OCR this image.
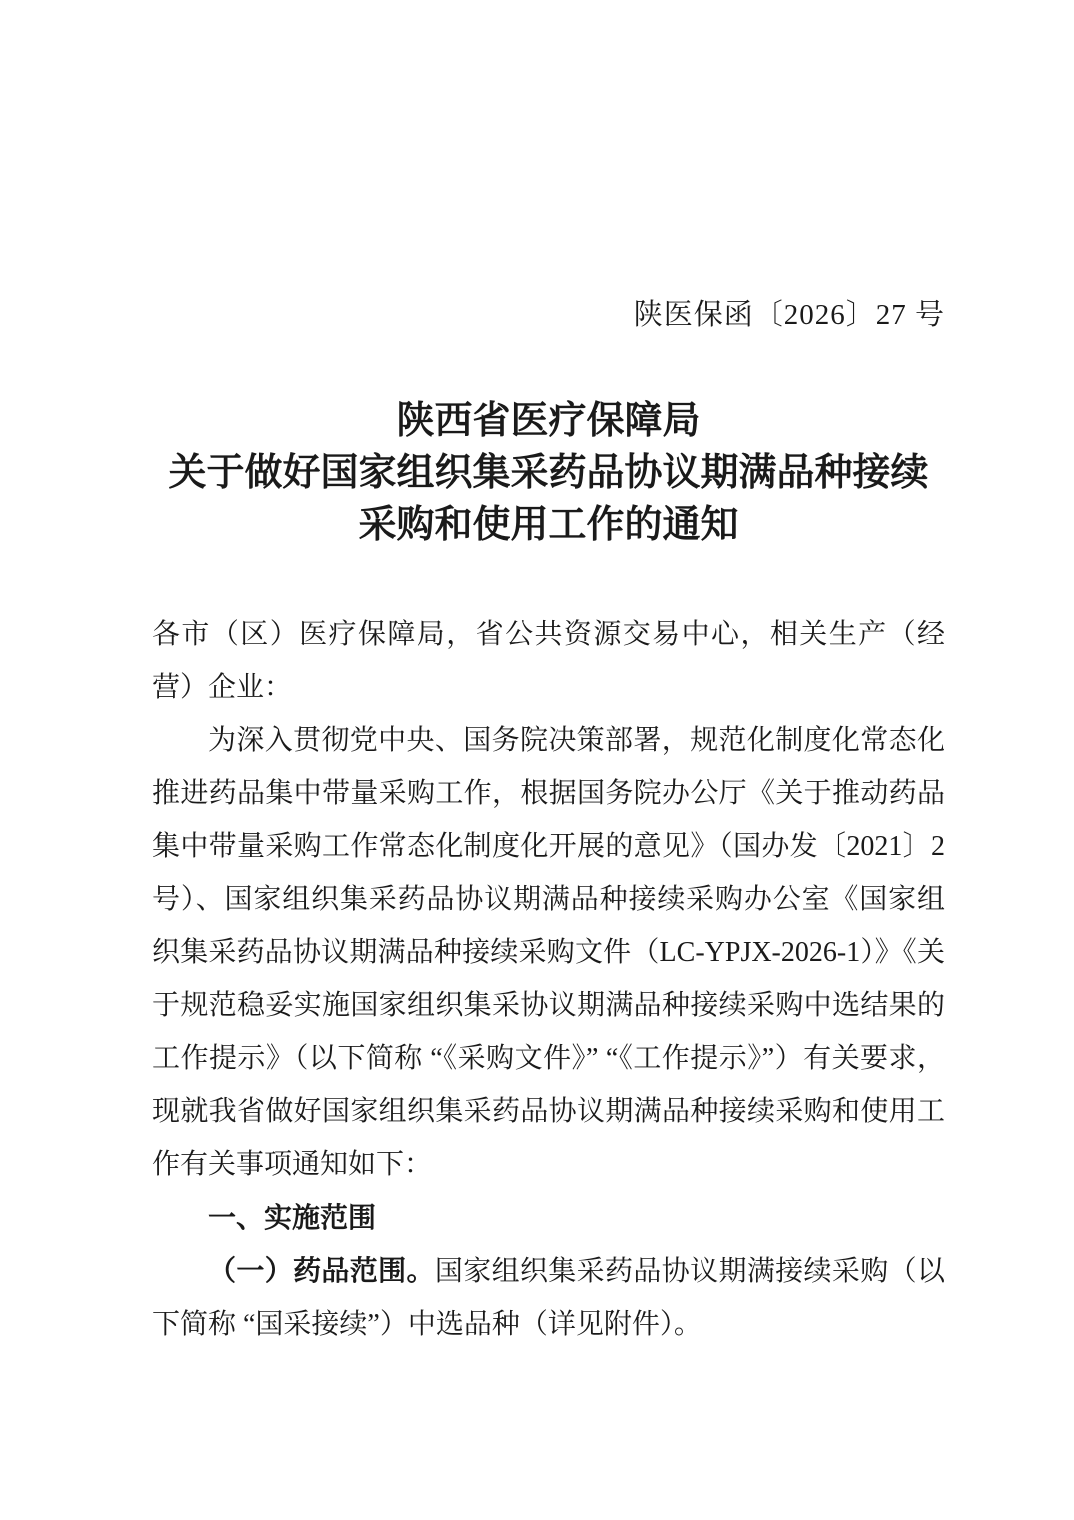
陕医保函〔2026〕27 号
陕西省医疗保障局
关于做好国家组织集采药品协议期满品种接续
采购和使用工作的通知

各市（区）医疗保障局，省公共资源交易中心，相关生产（经营）企业：

为深入贯彻党中央、国务院决策部署，规范化制度化常态化推进药品集中带量采购工作，根据国务院办公厅《关于推动药品集中带量采购工作常态化制度化开展的意见》（国办发〔2021〕2号）、国家组织集采药品协议期满品种接续采购办公室《国家组织集采药品协议期满品种接续采购文件（LC-YPJX-2026-1）》《关于规范稳妥实施国家组织集采协议期满品种接续采购中选结果的工作提示》（以下简称 “《采购文件》” “《工作提示》”）有关要求，现就我省做好国家组织集采药品协议期满品种接续采购和使用工作有关事项通知如下：

一、实施范围

（一）药品范围。国家组织集采药品协议期满接续采购（以下简称 “国采接续”）中选品种（详见附件）。
